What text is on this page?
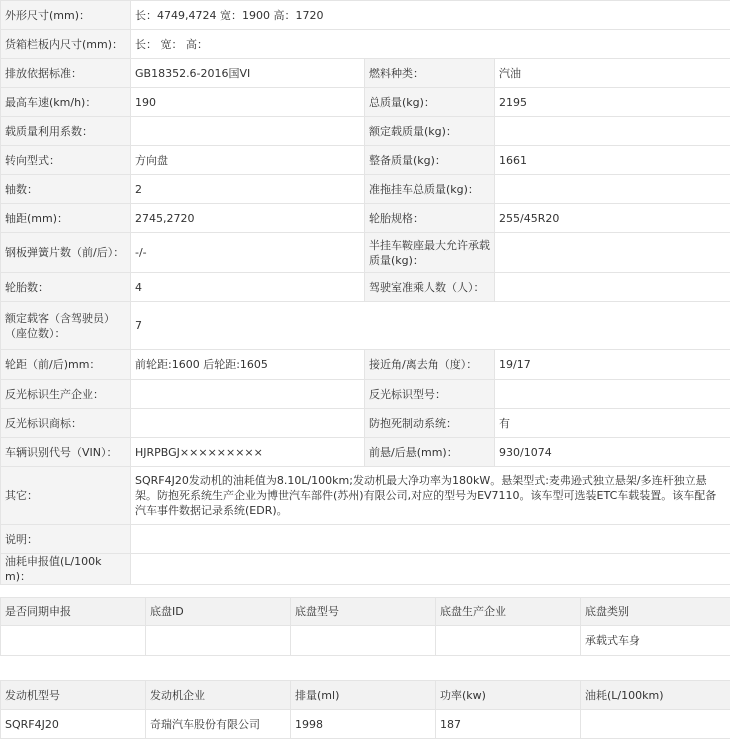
外形尺寸(mm)：	长：4749,4724 宽：1900 高：1720		
货箱栏板内尺寸(mm)：	长： 宽： 高：		
排放依据标准：	GB18352.6-2016国VI	燃料种类：	汽油
最高车速(km/h)：	190	总质量(kg)：	2195
载质量利用系数：		额定载质量(kg)：	
转向型式：	方向盘	整备质量(kg)：	1661
轴数：	2	准拖挂车总质量(kg)：	
轴距(mm)：	2745,2720	轮胎规格：	255/45R20
钢板弹簧片数（前/后）：	-/-	半挂车鞍座最大允许承载质量(kg)：	
轮胎数：	4	驾驶室准乘人数（人）：	
额定载客（含驾驶员）（座位数）：	7		
轮距（前/后)mm：	前轮距:1600 后轮距:1605	接近角/离去角（度）：	19/17
反光标识生产企业：		反光标识型号：	
反光标识商标：		防抱死制动系统：	有
车辆识别代号（VIN）：	HJRPBGJ×××××××××	前悬/后悬(mm)：	930/1074
其它：	SQRF4J20发动机的油耗值为8.10L/100km;发动机最大净功率为180kW。悬架型式:麦弗逊式独立悬架/多连杆独立悬架。防抱死系统生产企业为博世汽车部件(苏州)有限公司,对应的型号为EV7110。该车型可选装ETC车载装置。该车配备汽车事件数据记录系统(EDR)。		
说明：			
油耗申报值(L/100km)：			
是否同期申报	底盘ID	底盘型号	底盘生产企业	底盘类别
				承载式车身
发动机型号	发动机企业	排量(ml)	功率(kw)	油耗(L/100km)
SQRF4J20	奇瑞汽车股份有限公司	1998	187	
